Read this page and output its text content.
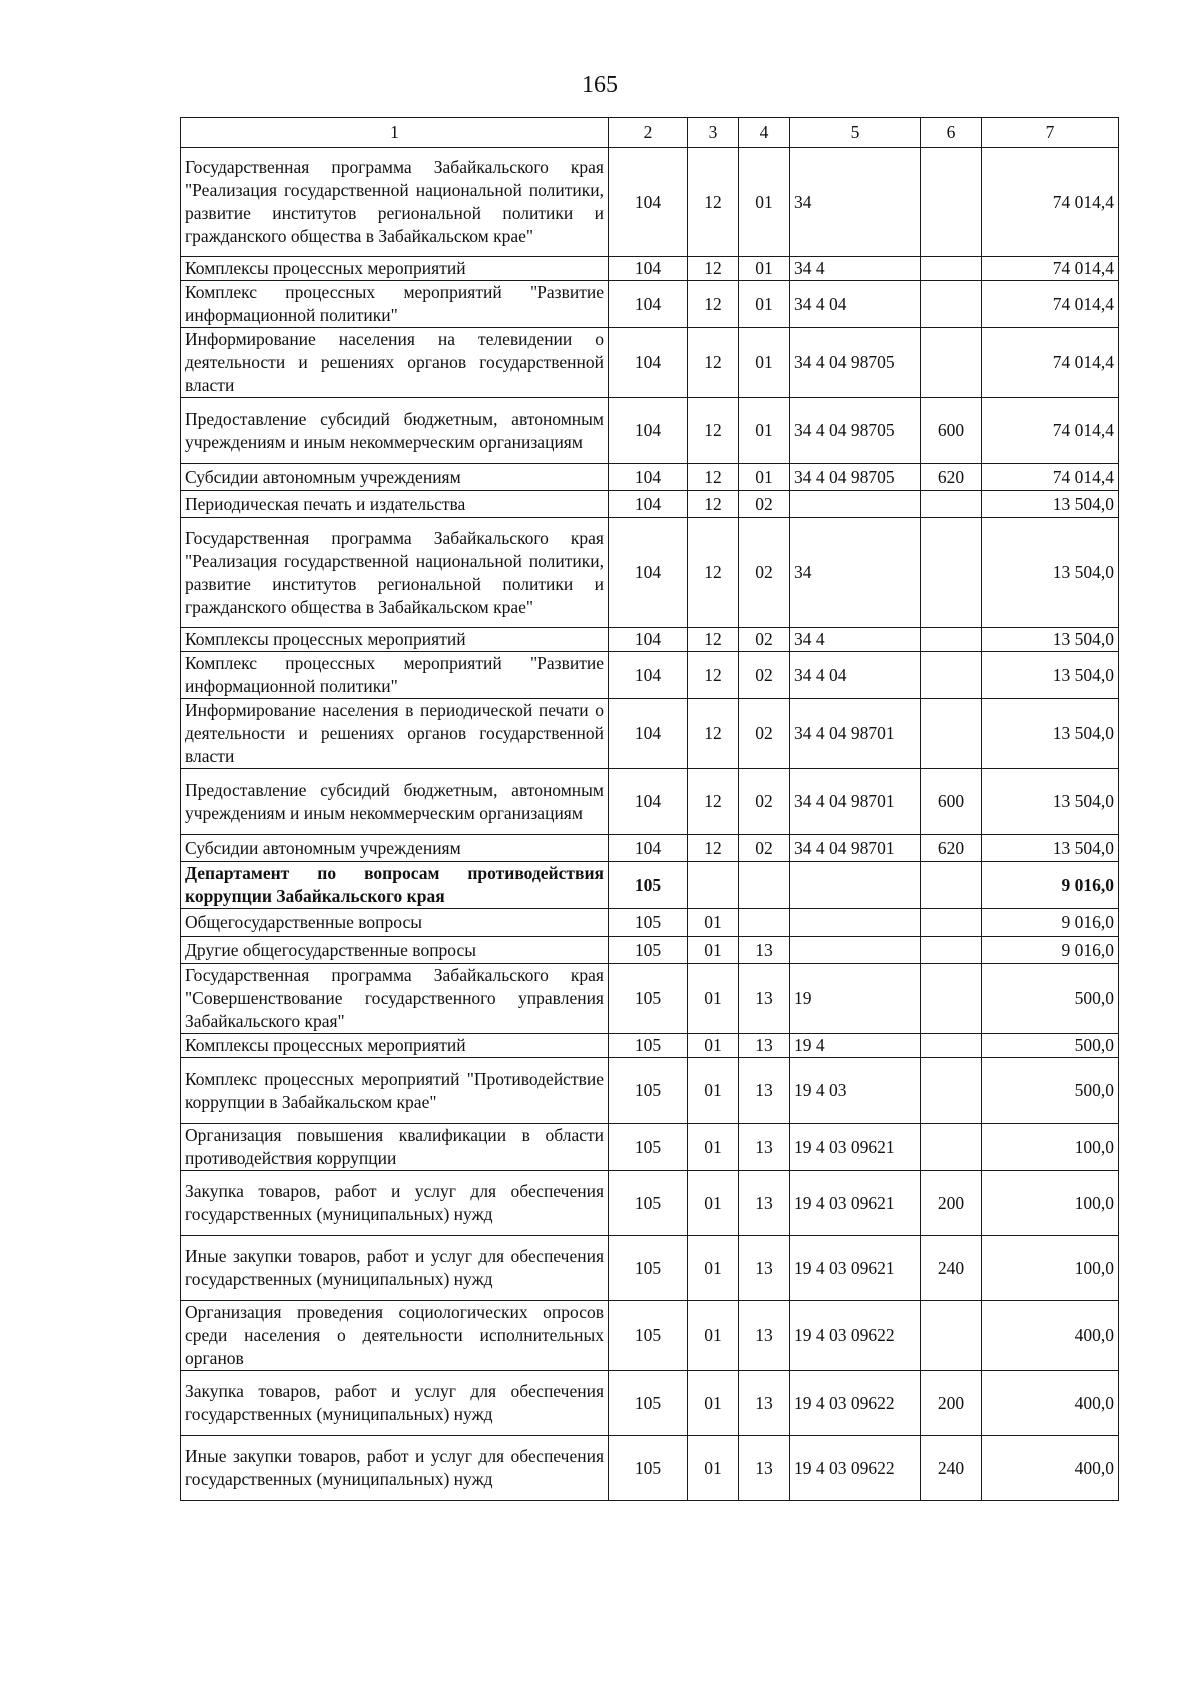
165
1	2	3	4	5	6	7
Государственная программа Забайкальского края "Реализация государственной национальной политики, развитие институтов региональной политики и гражданского общества в Забайкальском крае"	104	12	01	34		74 014,4
Комплексы процессных мероприятий	104	12	01	34 4		74 014,4
Комплекс процессных мероприятий "Развитие информационной политики"	104	12	01	34 4 04		74 014,4
Информирование населения на телевидении о деятельности и решениях органов государственной власти	104	12	01	34 4 04 98705		74 014,4
Предоставление субсидий бюджетным, автономным учреждениям и иным некоммерческим организациям	104	12	01	34 4 04 98705	600	74 014,4
Субсидии автономным учреждениям	104	12	01	34 4 04 98705	620	74 014,4
Периодическая печать и издательства	104	12	02			13 504,0
Государственная программа Забайкальского края "Реализация государственной национальной политики, развитие институтов региональной политики и гражданского общества в Забайкальском крае"	104	12	02	34		13 504,0
Комплексы процессных мероприятий	104	12	02	34 4		13 504,0
Комплекс процессных мероприятий "Развитие информационной политики"	104	12	02	34 4 04		13 504,0
Информирование населения в периодической печати о деятельности и решениях органов государственной власти	104	12	02	34 4 04 98701		13 504,0
Предоставление субсидий бюджетным, автономным учреждениям и иным некоммерческим организациям	104	12	02	34 4 04 98701	600	13 504,0
Субсидии автономным учреждениям	104	12	02	34 4 04 98701	620	13 504,0
Департамент по вопросам противодействия коррупции Забайкальского края	105					9 016,0
Общегосударственные вопросы	105	01				9 016,0
Другие общегосударственные вопросы	105	01	13			9 016,0
Государственная программа Забайкальского края "Совершенствование государственного управления Забайкальского края"	105	01	13	19		500,0
Комплексы процессных мероприятий	105	01	13	19 4		500,0
Комплекс процессных мероприятий "Противодействие коррупции в Забайкальском крае"	105	01	13	19 4 03		500,0
Организация повышения квалификации в области противодействия коррупции	105	01	13	19 4 03 09621		100,0
Закупка товаров, работ и услуг для обеспечения государственных (муниципальных) нужд	105	01	13	19 4 03 09621	200	100,0
Иные закупки товаров, работ и услуг для обеспечения государственных (муниципальных) нужд	105	01	13	19 4 03 09621	240	100,0
Организация проведения социологических опросов среди населения о деятельности исполнительных органов	105	01	13	19 4 03 09622		400,0
Закупка товаров, работ и услуг для обеспечения государственных (муниципальных) нужд	105	01	13	19 4 03 09622	200	400,0
Иные закупки товаров, работ и услуг для обеспечения государственных (муниципальных) нужд	105	01	13	19 4 03 09622	240	400,0
